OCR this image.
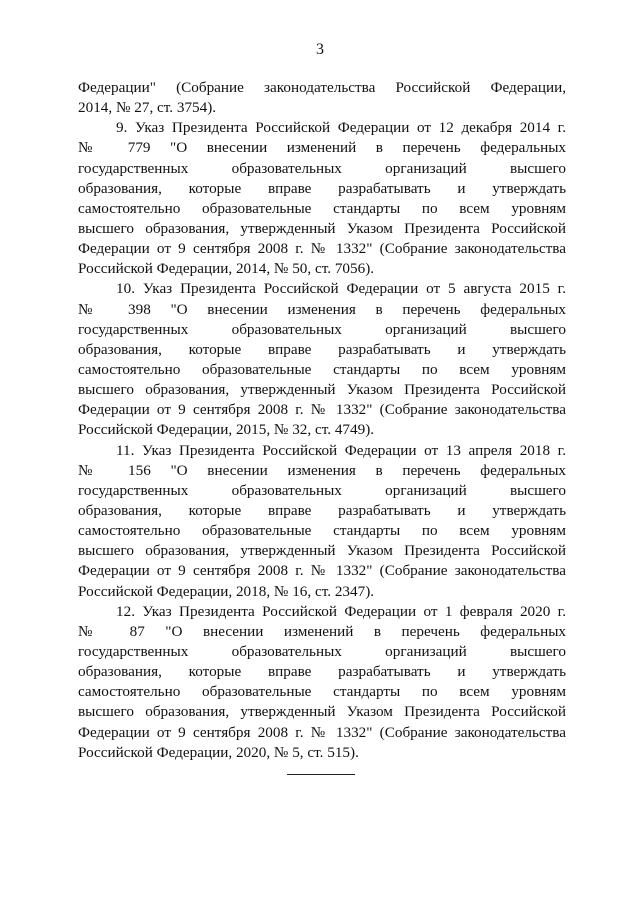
3
Федерации" (Собрание законодательства Российской Федерации,
2014, № 27, ст. 3754).
9. Указ Президента Российской Федерации от 12 декабря 2014 г.
№ 779 "О внесении изменений в перечень федеральных
государственных образовательных организаций высшего
образования, которые вправе разрабатывать и утверждать
самостоятельно образовательные стандарты по всем уровням
высшего образования, утвержденный Указом Президента Российской
Федерации от 9 сентября 2008 г. № 1332" (Собрание законодательства
Российской Федерации, 2014, № 50, ст. 7056).
10. Указ Президента Российской Федерации от 5 августа 2015 г.
№ 398 "О внесении изменения в перечень федеральных
государственных образовательных организаций высшего
образования, которые вправе разрабатывать и утверждать
самостоятельно образовательные стандарты по всем уровням
высшего образования, утвержденный Указом Президента Российской
Федерации от 9 сентября 2008 г. № 1332" (Собрание законодательства
Российской Федерации, 2015, № 32, ст. 4749).
11. Указ Президента Российской Федерации от 13 апреля 2018 г.
№ 156 "О внесении изменения в перечень федеральных
государственных образовательных организаций высшего
образования, которые вправе разрабатывать и утверждать
самостоятельно образовательные стандарты по всем уровням
высшего образования, утвержденный Указом Президента Российской
Федерации от 9 сентября 2008 г. № 1332" (Собрание законодательства
Российской Федерации, 2018, № 16, ст. 2347).
12. Указ Президента Российской Федерации от 1 февраля 2020 г.
№ 87 "О внесении изменений в перечень федеральных
государственных образовательных организаций высшего
образования, которые вправе разрабатывать и утверждать
самостоятельно образовательные стандарты по всем уровням
высшего образования, утвержденный Указом Президента Российской
Федерации от 9 сентября 2008 г. № 1332" (Собрание законодательства
Российской Федерации, 2020, № 5, ст. 515).
